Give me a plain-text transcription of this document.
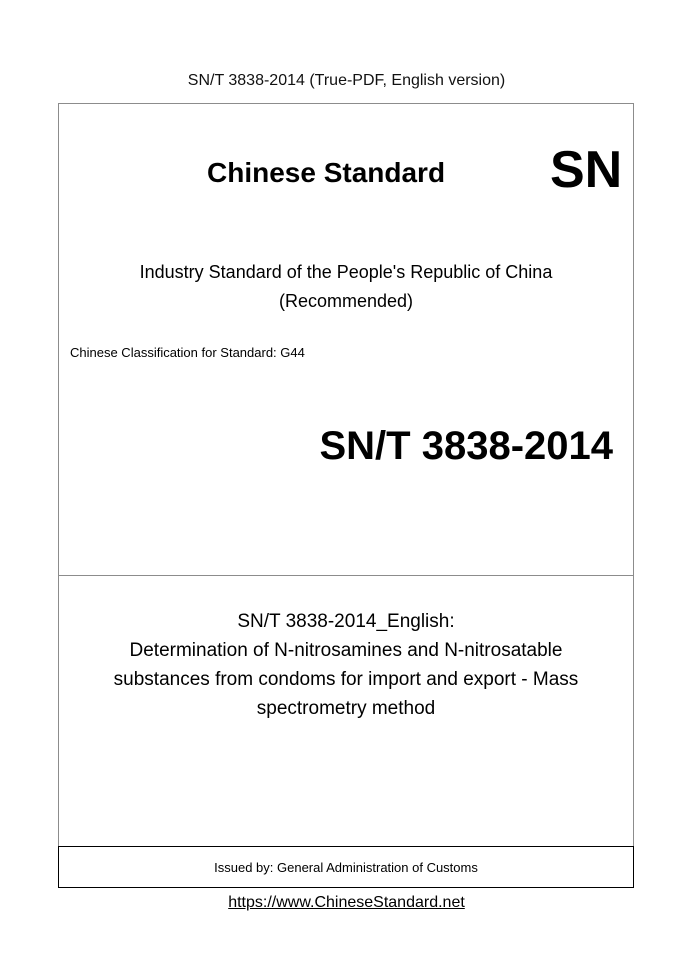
SN/T 3838-2014 (True-PDF, English version)
Chinese Standard SN
Industry Standard of the People's Republic of China
(Recommended)
Chinese Classification for Standard: G44
SN/T 3838-2014
SN/T 3838-2014_English:
Determination of N-nitrosamines and N-nitrosatable
substances from condoms for import and export - Mass
spectrometry method
Issued by: General Administration of Customs
https://www.ChineseStandard.net
